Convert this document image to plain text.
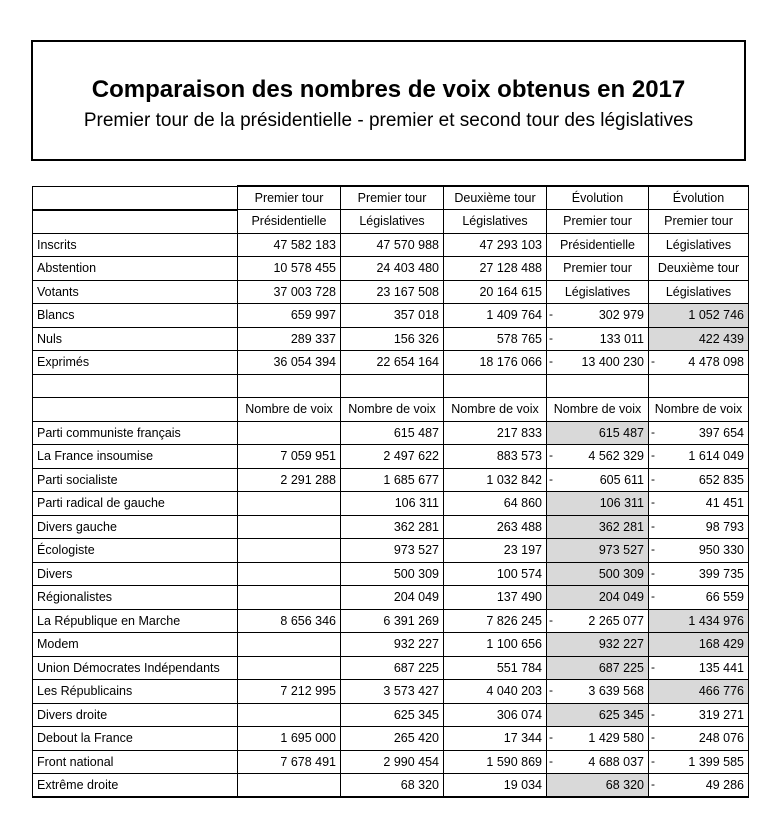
Comparaison des nombres de voix obtenus en 2017
Premier tour de la présidentielle - premier et second tour des législatives
	Premier tour	Premier tour	Deuxième tour	Évolution	Évolution
	Présidentielle	Législatives	Législatives	Premier tour	Premier tour
Inscrits	47 582 183	47 570 988	47 293 103	Présidentielle	Législatives
Abstention	10 578 455	24 403 480	27 128 488	Premier tour	Deuxième tour
Votants	37 003 728	23 167 508	20 164 615	Législatives	Législatives
Blancs	659 997	357 018	1 409 764	- 302 979	1 052 746
Nuls	289 337	156 326	578 765	- 133 011	422 439
Exprimés	36 054 394	22 654 164	18 176 066	- 13 400 230	- 4 478 098

	Nombre de voix	Nombre de voix	Nombre de voix	Nombre de voix	Nombre de voix
Parti communiste français		615 487	217 833	615 487	- 397 654
La France insoumise	7 059 951	2 497 622	883 573	- 4 562 329	- 1 614 049
Parti socialiste	2 291 288	1 685 677	1 032 842	- 605 611	- 652 835
Parti radical de gauche		106 311	64 860	106 311	- 41 451
Divers gauche		362 281	263 488	362 281	- 98 793
Écologiste		973 527	23 197	973 527	- 950 330
Divers		500 309	100 574	500 309	- 399 735
Régionalistes		204 049	137 490	204 049	- 66 559
La République en Marche	8 656 346	6 391 269	7 826 245	- 2 265 077	1 434 976
Modem		932 227	1 100 656	932 227	168 429
Union Démocrates Indépendants		687 225	551 784	687 225	- 135 441
Les Républicains	7 212 995	3 573 427	4 040 203	- 3 639 568	466 776
Divers droite		625 345	306 074	625 345	- 319 271
Debout la France	1 695 000	265 420	17 344	- 1 429 580	- 248 076
Front national	7 678 491	2 990 454	1 590 869	- 4 688 037	- 1 399 585
Extrême droite		68 320	19 034	68 320	- 49 286
